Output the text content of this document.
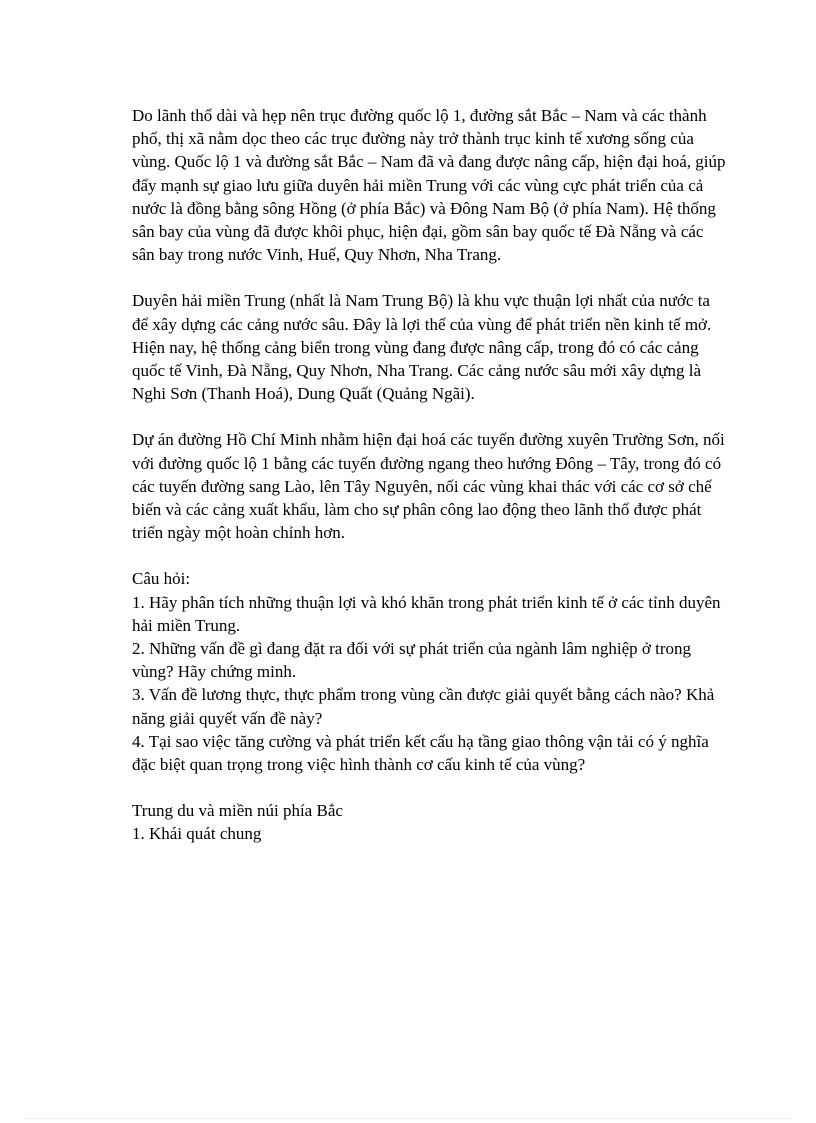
Do lãnh thổ dài và hẹp nên trục đường quốc lộ 1, đường sắt Bắc – Nam và các thành phố, thị xã nằm dọc theo các trục đường này trở thành trục kinh tế xương sống của vùng. Quốc lộ 1 và đường sắt Bắc – Nam đã và đang được nâng cấp, hiện đại hoá, giúp đẩy mạnh sự giao lưu giữa duyên hải miền Trung với các vùng cực phát triển của cả nước là đồng bằng sông Hồng (ở phía Bắc) và Đông Nam Bộ (ở phía Nam). Hệ thống sân bay của vùng đã được khôi phục, hiện đại, gồm sân bay quốc tế Đà Nẵng và các sân bay trong nước Vinh, Huế, Quy Nhơn, Nha Trang.

Duyên hải miền Trung (nhất là Nam Trung Bộ) là khu vực thuận lợi nhất của nước ta để xây dựng các cảng nước sâu. Đây là lợi thế của vùng để phát triển nền kinh tế mở. Hiện nay, hệ thống cảng biển trong vùng đang được nâng cấp, trong đó có các cảng quốc tế Vinh, Đà Nẵng, Quy Nhơn, Nha Trang. Các cảng nước sâu mới xây dựng là Nghi Sơn (Thanh Hoá), Dung Quất (Quảng Ngãi).

Dự án đường Hồ Chí Minh nhằm hiện đại hoá các tuyến đường xuyên Trường Sơn, nối với đường quốc lộ 1 bằng các tuyến đường ngang theo hướng Đông – Tây, trong đó có các tuyến đường sang Lào, lên Tây Nguyên, nối các vùng khai thác với các cơ sở chế biến và các cảng xuất khẩu, làm cho sự phân công lao động theo lãnh thổ được phát triển ngày một hoàn chỉnh hơn.

Câu hỏi:
1. Hãy phân tích những thuận lợi và khó khăn trong phát triển kinh tế ở các tỉnh duyên hải miền Trung.
2. Những vấn đề gì đang đặt ra đối với sự phát triển của ngành lâm nghiệp ở trong vùng? Hãy chứng minh.
3. Vấn đề lương thực, thực phẩm trong vùng cần được giải quyết bằng cách nào? Khả năng giải quyết vấn đề này?
4. Tại sao việc tăng cường và phát triển kết cấu hạ tầng giao thông vận tải có ý nghĩa đặc biệt quan trọng trong việc hình thành cơ cấu kinh tế của vùng?
Trung du và miền núi phía Bắc
1. Khái quát chung
